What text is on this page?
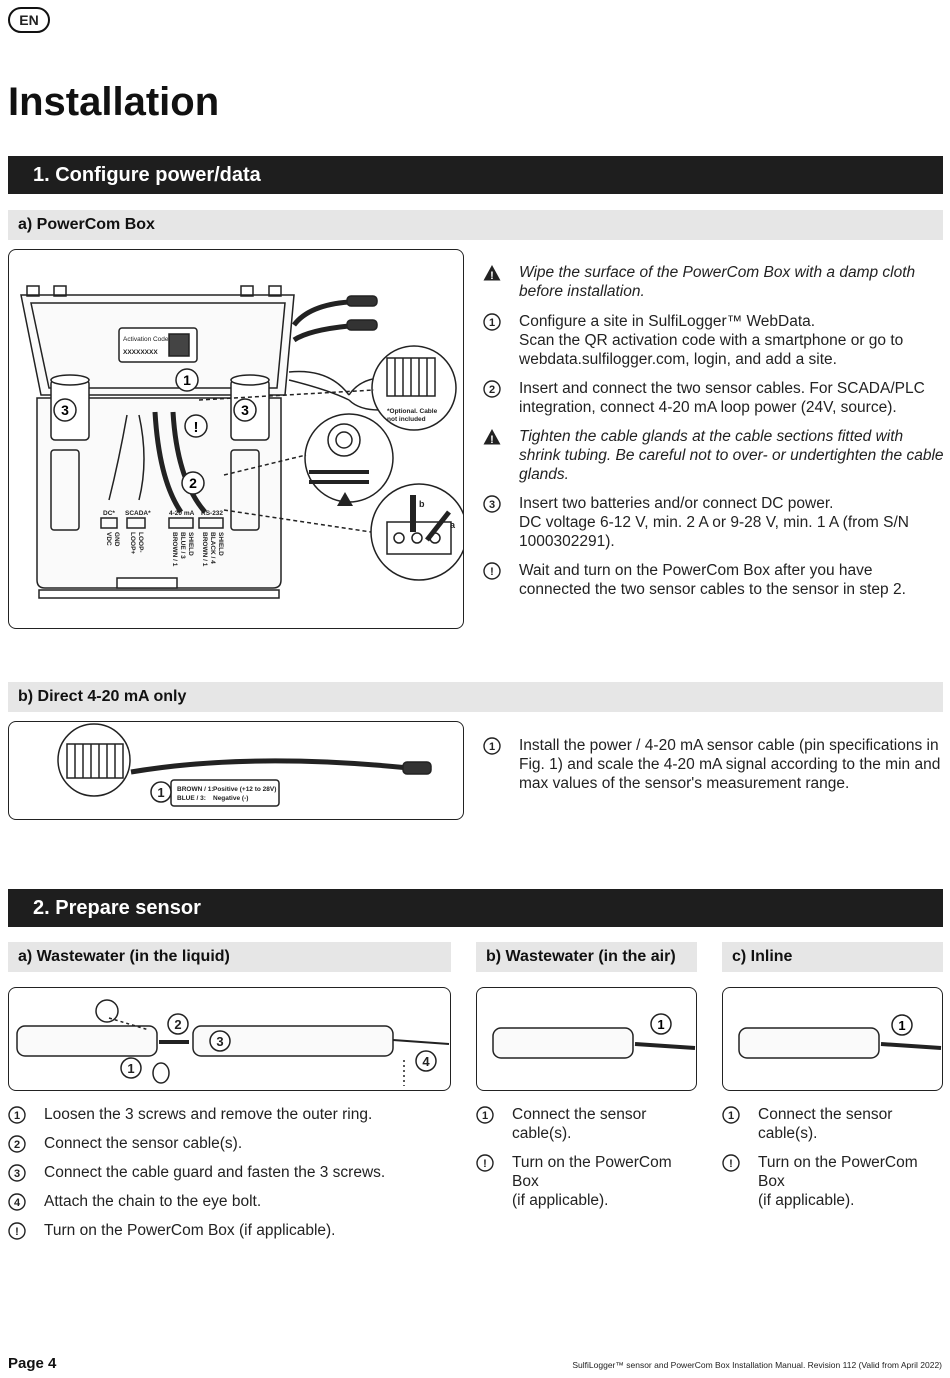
EN
Installation
1. Configure power/data
a) PowerCom Box
3	3
1
2
!
Activation Code
XXXXXXXX
*Optional. Cable not included
DC* SCADA*	4-20 mA RS-232
VDC GND LOOP+ LOOP-	BROWN / 1 BLUE / 3 SHIELD BROWN / 1 BLACK / 4 SHIELD
b
a
! Wipe the surface of the PowerCom Box with a damp cloth
before installation.
1 Configure a site in SulfiLogger™ WebData.
Scan the QR activation code with a smartphone or go to
webdata.sulfilogger.com, login, and add a site.
2 Insert and connect the two sensor cables. For SCADA/PLC
integration, connect 4-20 mA loop power (24V, source).
! Tighten the cable glands at the cable sections fitted with
shrink tubing. Be careful not to over- or undertighten the cable
glands.
3 Insert two batteries and/or connect DC power.
DC voltage 6-12 V, min. 2 A or 9-28 V, min. 1 A (from S/N
1000302291).
! Wait and turn on the PowerCom Box after you have
connected the two sensor cables to the sensor in step 2.
b) Direct 4-20 mA only
1 BROWN / 1: Positive (+12 to 28V)
BLUE / 3: Negative (-)
1 Install the power / 4-20 mA sensor cable (pin specifications in
Fig. 1) and scale the 4-20 mA signal according to the min and
max values of the sensor's measurement range.
2. Prepare sensor
a) Wastewater (in the liquid)	b) Wastewater (in the air)	c) Inline
2
3
1	4
1	1
1 Loosen the 3 screws and remove the outer ring.
2 Connect the sensor cable(s).
3 Connect the cable guard and fasten the 3 screws.
4 Attach the chain to the eye bolt.
! Turn on the PowerCom Box (if applicable).
1 Connect the sensor
cable(s).
! Turn on the PowerCom Box
(if applicable).
1 Connect the sensor
cable(s).
! Turn on the PowerCom Box
(if applicable).
Page 4	SulfiLogger™ sensor and PowerCom Box Installation Manual. Revision 112 (Valid from April 2022)
